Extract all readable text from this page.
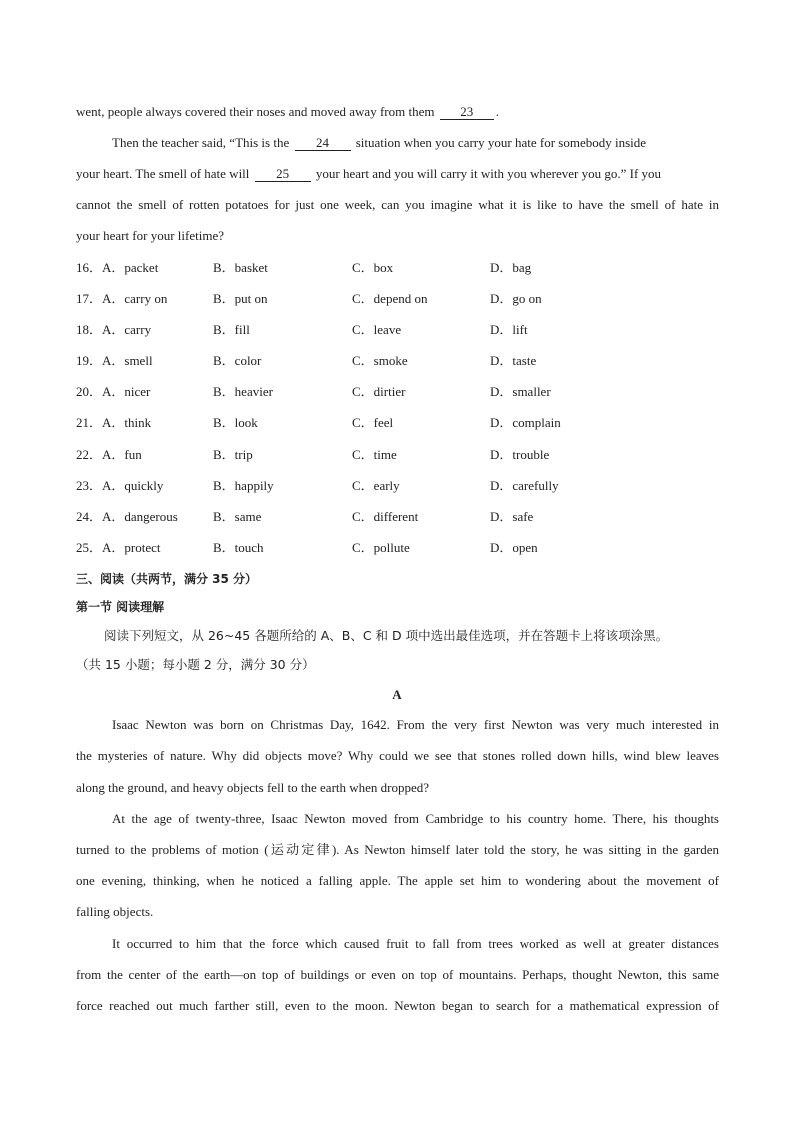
went, people always covered their noses and moved away from them 23 .
Then the teacher said, “This is the 24 situation when you carry your hate for somebody inside
your heart. The smell of hate will 25 your heart and you will carry it with you wherever you go.” If you
cannot the smell of rotten potatoes for just one week, can you imagine what it is like to have the smell of hate in
your heart for your lifetime?
16．A．packet	B．basket	C．box	D．bag
17．A．carry on	B．put on	C．depend on	D．go on
18．A．carry	B．fill	C．leave	D．lift
19．A．smell	B．color	C．smoke	D．taste
20．A．nicer	B．heavier	C．dirtier	D．smaller
21．A．think	B．look	C．feel	D．complain
22．A．fun	B．trip	C．time	D．trouble
23．A．quickly	B．happily	C．early	D．carefully
24．A．dangerous	B．same	C．different	D．safe
25．A．protect	B．touch	C．pollute	D．open
三、阅读（共两节，满分 35 分）
第一节 阅读理解
阅读下列短文，从 26~45 各题所给的 A、B、C 和 D 项中选出最佳选项，并在答题卡上将该项涂黑。
（共 15 小题；每小题 2 分，满分 30 分）
A
Isaac Newton was born on Christmas Day, 1642. From the very first Newton was very much interested in
the mysteries of nature. Why did objects move? Why could we see that stones rolled down hills, wind blew leaves
along the ground, and heavy objects fell to the earth when dropped?
At the age of twenty-three, Isaac Newton moved from Cambridge to his country home. There, his thoughts
turned to the problems of motion (运动定律). As Newton himself later told the story, he was sitting in the garden
one evening, thinking, when he noticed a falling apple. The apple set him to wondering about the movement of
falling objects.
It occurred to him that the force which caused fruit to fall from trees worked as well at greater distances
from the center of the earth—on top of buildings or even on top of mountains. Perhaps, thought Newton, this same
force reached out much farther still, even to the moon. Newton began to search for a mathematical expression of
